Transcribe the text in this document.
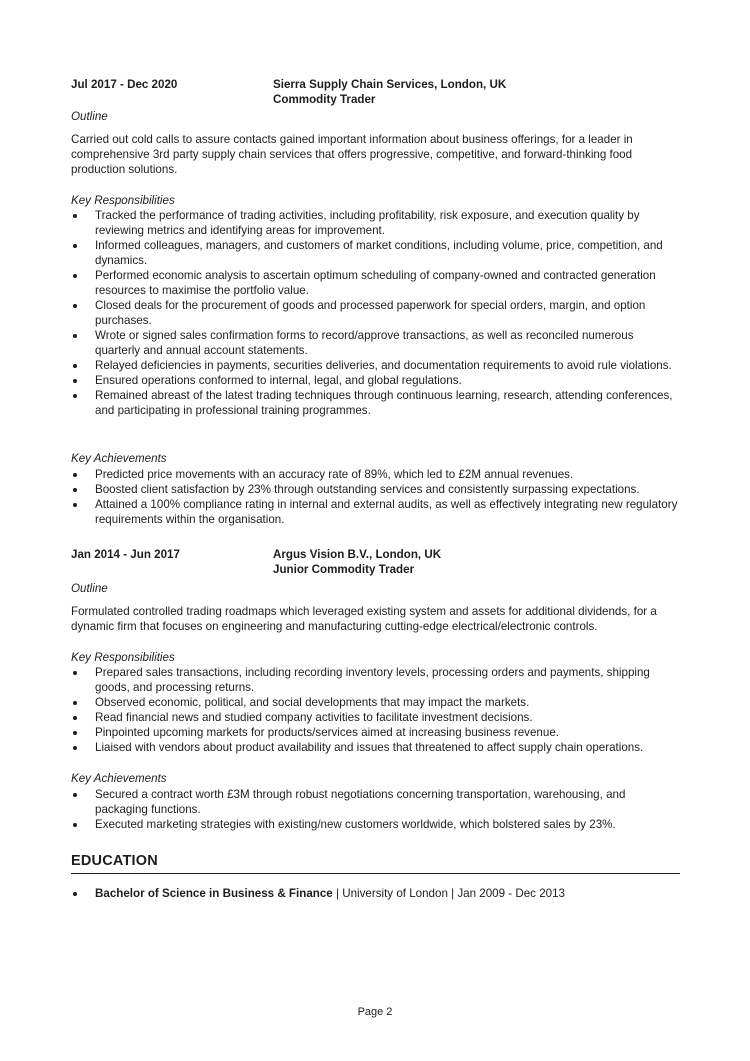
Jul 2017 - Dec 2020	Sierra Supply Chain Services, London, UK
Commodity Trader
Outline

Carried out cold calls to assure contacts gained important information about business offerings, for a leader in comprehensive 3rd party supply chain services that offers progressive, competitive, and forward-thinking food production solutions.

Key Responsibilities
Tracked the performance of trading activities, including profitability, risk exposure, and execution quality by reviewing metrics and identifying areas for improvement.
Informed colleagues, managers, and customers of market conditions, including volume, price, competition, and dynamics.
Performed economic analysis to ascertain optimum scheduling of company-owned and contracted generation resources to maximise the portfolio value.
Closed deals for the procurement of goods and processed paperwork for special orders, margin, and option purchases.
Wrote or signed sales confirmation forms to record/approve transactions, as well as reconciled numerous quarterly and annual account statements.
Relayed deficiencies in payments, securities deliveries, and documentation requirements to avoid rule violations.
Ensured operations conformed to internal, legal, and global regulations.
Remained abreast of the latest trading techniques through continuous learning, research, attending conferences, and participating in professional training programmes.
Key Achievements
Predicted price movements with an accuracy rate of 89%, which led to £2M annual revenues.
Boosted client satisfaction by 23% through outstanding services and consistently surpassing expectations.
Attained a 100% compliance rating in internal and external audits, as well as effectively integrating new regulatory requirements within the organisation.
Jan 2014 - Jun 2017	Argus Vision B.V., London, UK
Junior Commodity Trader
Outline

Formulated controlled trading roadmaps which leveraged existing system and assets for additional dividends, for a dynamic firm that focuses on engineering and manufacturing cutting-edge electrical/electronic controls.

Key Responsibilities
Prepared sales transactions, including recording inventory levels, processing orders and payments, shipping goods, and processing returns.
Observed economic, political, and social developments that may impact the markets.
Read financial news and studied company activities to facilitate investment decisions.
Pinpointed upcoming markets for products/services aimed at increasing business revenue.
Liaised with vendors about product availability and issues that threatened to affect supply chain operations.
Key Achievements
Secured a contract worth £3M through robust negotiations concerning transportation, warehousing, and packaging functions.
Executed marketing strategies with existing/new customers worldwide, which bolstered sales by 23%.
EDUCATION
Bachelor of Science in Business & Finance | University of London | Jan 2009 - Dec 2013
Page 2
